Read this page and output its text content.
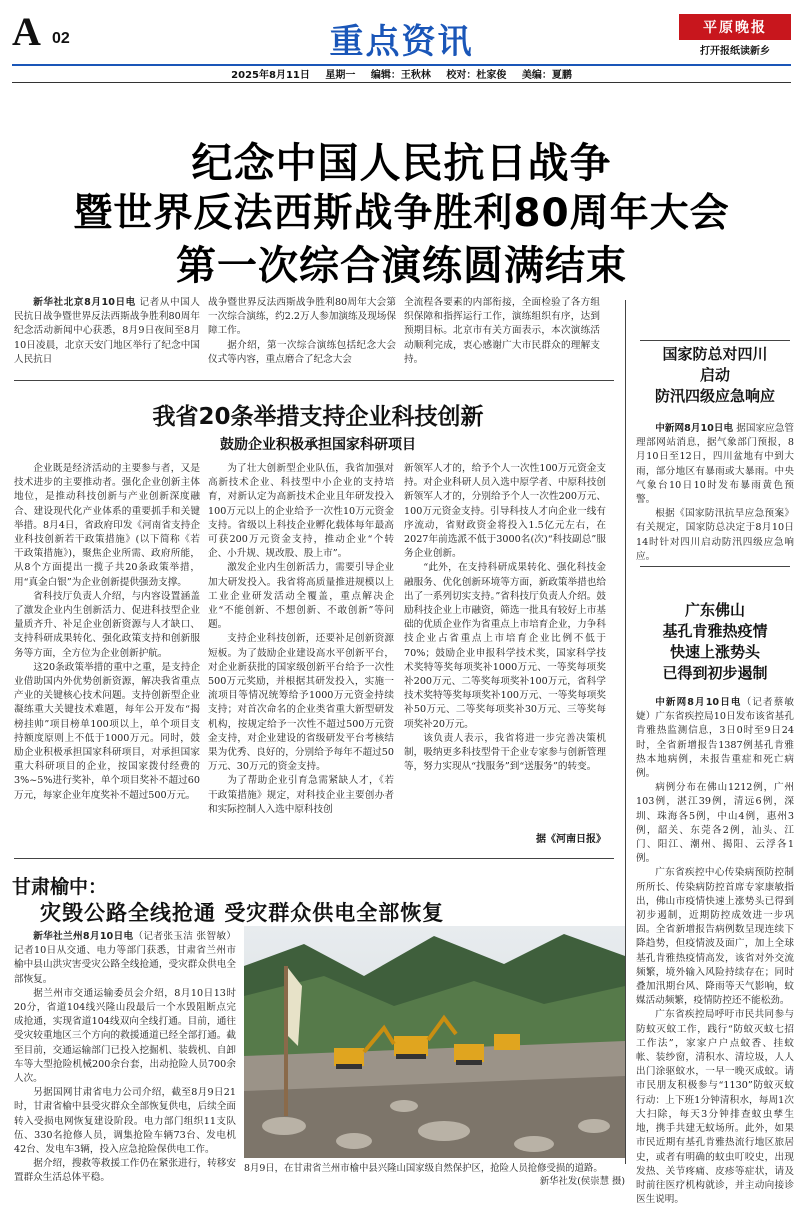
A 02	重点资讯	平原晚报
打开报纸读新乡
2025年8月11日 星期一 编辑：王秋林 校对：杜家俊 美编：夏鹏
纪念中国人民抗日战争
暨世界反法西斯战争胜利80周年大会
第一次综合演练圆满结束

新华社北京8月10日电 记者从中国人民抗日战争暨世界反法西斯战争胜利80周年纪念活动新闻中心获悉，8月9日夜间至8月10日凌晨，北京天安门地区举行了纪念中国人民抗日

战争暨世界反法西斯战争胜利80周年大会第一次综合演练，约2.2万人参加演练及现场保障工作。

据介绍，第一次综合演练包括纪念大会仪式等内容，重点磨合了纪念大会

全流程各要素的内部衔接，全面检验了各方组织保障和指挥运行工作，演练组织有序，达到预期目标。北京市有关方面表示，本次演练活动顺利完成，衷心感谢广大市民群众的理解支持。

我省20条举措支持企业科技创新
鼓励企业积极承担国家科研项目

企业既是经济活动的主要参与者，又是技术进步的主要推动者。强化企业创新主体地位，是推动科技创新与产业创新深度融合、建设现代化产业体系的重要抓手和关键举措。8月4日，省政府印发《河南省支持企业科技创新若干政策措施》(以下简称《若干政策措施》)，聚焦企业所需、政府所能，从8个方面提出一揽子共20条政策举措，用“真金白银”为企业创新提供强劲支撑。

省科技厅负责人介绍，与内容设置涵盖了激发企业内生创新活力、促进科技型企业量质齐升、补足企业创新资源与人才缺口、支持科研成果转化、强化政策支持和创新服务等方面，全方位为企业创新护航。

这20条政策举措的重中之重，是支持企业借助国内外优势创新资源，解决我省重点产业的关键核心技术问题。支持创新型企业凝练重大关键技术难题，每年公开发布“揭榜挂帅”项目榜单100项以上，单个项目支持额度原则上不低于1000万元。同时，鼓励企业积极承担国家科研项目，对承担国家重大科研项目的企业，按国家拨付经费的3%~5%进行奖补，单个项目奖补不超过60万元，每家企业年度奖补不超过500万元。

为了壮大创新型企业队伍，我省加强对高新技术企业、科技型中小企业的支持培育，对新认定为高新技术企业且年研发投入100万元以上的企业给予一次性10万元资金支持。省级以上科技企业孵化载体每年最高可获200万元资金支持，推动企业“个转企、小升规、规改股、股上市”。

激发企业内生创新活力，需要引导企业加大研发投入。我省将高质量推进规模以上工业企业研发活动全覆盖，重点解决企业“不能创新、不想创新、不敢创新”等问题。

支持企业科技创新，还要补足创新资源短板。为了鼓励企业建设高水平创新平台，对企业新获批的国家级创新平台给予一次性500万元奖励，并根据其研发投入，实施一流项目等情况统筹给予1000万元资金持续支持；对首次命名的企业类省重大新型研发机构，按规定给予一次性不超过500万元资金支持，对企业建设的省级研发平台考核结果为优秀、良好的，分别给予每年不超过50万元、30万元的资金支持。

为了帮助企业引育急需紧缺人才，《若干政策措施》规定，对科技企业主要创办者和实际控制人入选中原科技创

新领军人才的，给予个人一次性100万元资金支持。对企业科研人员入选中原学者、中原科技创新领军人才的，分别给予个人一次性200万元、100万元资金支持。引导科技人才向企业一线有序流动，省财政资金将投入1.5亿元左右，在2027年前选派不低于3000名(次)“科技副总”服务企业创新。

“此外，在支持科研成果转化、强化科技金融服务、优化创新环境等方面，新政策举措也给出了一系列切实支持。”省科技厅负责人介绍。鼓励科技企业上市融资，筛选一批具有较好上市基础的优质企业作为省重点上市培育企业，力争科技企业占省重点上市培育企业比例不低于70%；鼓励企业申报科学技术奖，国家科学技术奖特等奖每项奖补1000万元、一等奖每项奖补200万元、二等奖每项奖补100万元，省科学技术奖特等奖每项奖补100万元、一等奖每项奖补50万元、二等奖每项奖补30万元、三等奖每项奖补20万元。

该负责人表示，我省将进一步完善决策机制，吸纳更多科技型骨干企业专家参与创新管理等，努力实现从“找服务”到“送服务”的转变。

据《河南日报》
国家防总对四川
启动
防汛四级应急响应

中新网8月10日电 据国家应急管理部网站消息，据气象部门预报，8月10日至12日，四川盆地有中到大雨，部分地区有暴雨或大暴雨。中央气象台10日10时发布暴雨黄色预警。

根据《国家防汛抗旱应急预案》有关规定，国家防总决定于8月10日14时针对四川启动防汛四级应急响应。

广东佛山
基孔肯雅热疫情
快速上涨势头
已得到初步遏制

中新网8月10日电（记者蔡敏婕）广东省疾控局10日发布该省基孔肯雅热监测信息，3日0时至9日24时，全省新增报告1387例基孔肯雅热本地病例，未报告重症和死亡病例。

病例分布在佛山1212例，广州103例，湛江39例，清远6例，深圳、珠海各5例，中山4例，惠州3例，韶关、东莞各2例，汕头、江门、阳江、潮州、揭阳、云浮各1例。

广东省疾控中心传染病预防控制所所长、传染病防控首席专家康敏指出，佛山市疫情快速上涨势头已得到初步遏制，近期防控成效进一步巩固。全省新增报告病例数呈现连续下降趋势，但疫情波及面广，加上全球基孔肯雅热疫情高发，该省对外交流频繁，境外输入风险持续存在；同时叠加汛期台风、降雨等天气影响，蚊媒活动频繁，疫情防控还不能松劲。

广东省疾控局呼吁市民共同参与防蚊灭蚊工作，践行“防蚊灭蚊七招工作法”，家家户户点蚊香、挂蚊帐、装纱窗，清积水、清垃圾，人人出门涂驱蚊水，一早一晚灭成蚊。请市民朋友积极参与“1130”防蚊灭蚊行动：上下班1分钟清积水，每周1次大扫除，每天3分钟排查蚊虫孳生地，携手共建无蚊场所。此外，如果市民近期有基孔肯雅热流行地区旅居史，或者有明确的蚊虫叮咬史，出现发热、关节疼痛、皮疹等症状，请及时前往医疗机构就诊，并主动向接诊医生说明。

甘肃榆中：
灾毁公路全线抢通 受灾群众供电全部恢复

新华社兰州8月10日电（记者张玉洁 张智敏）记者10日从交通、电力等部门获悉，甘肃省兰州市榆中县山洪灾害受灾公路全线抢通，受灾群众供电全部恢复。

据兰州市交通运输委员会介绍，8月10日13时20分，省道104线兴隆山段最后一个水毁阻断点完成抢通，实现省道104线双向全线打通。目前，通往受灾较重地区三个方向的救援通道已经全部打通。截至目前，交通运输部门已投入挖掘机、装载机、自卸车等大型抢险机械200余台套，出动抢险人员700余人次。

另据国网甘肃省电力公司介绍，截至8月9日21时，甘肃省榆中县受灾群众全部恢复供电，后续全面转入受损电网恢复建设阶段。电力部门组织11支队伍、330名抢修人员，调集抢险车辆73台、发电机42台、发电车3辆，投入应急抢险保供电工作。

据介绍，搜救等救援工作仍在紧张进行，转移安置群众生活总体平稳。

8月9日，在甘肃省兰州市榆中县兴隆山国家级自然保护区，抢险人员抢修受损的道路。
新华社发(侯崇慧 摄)
